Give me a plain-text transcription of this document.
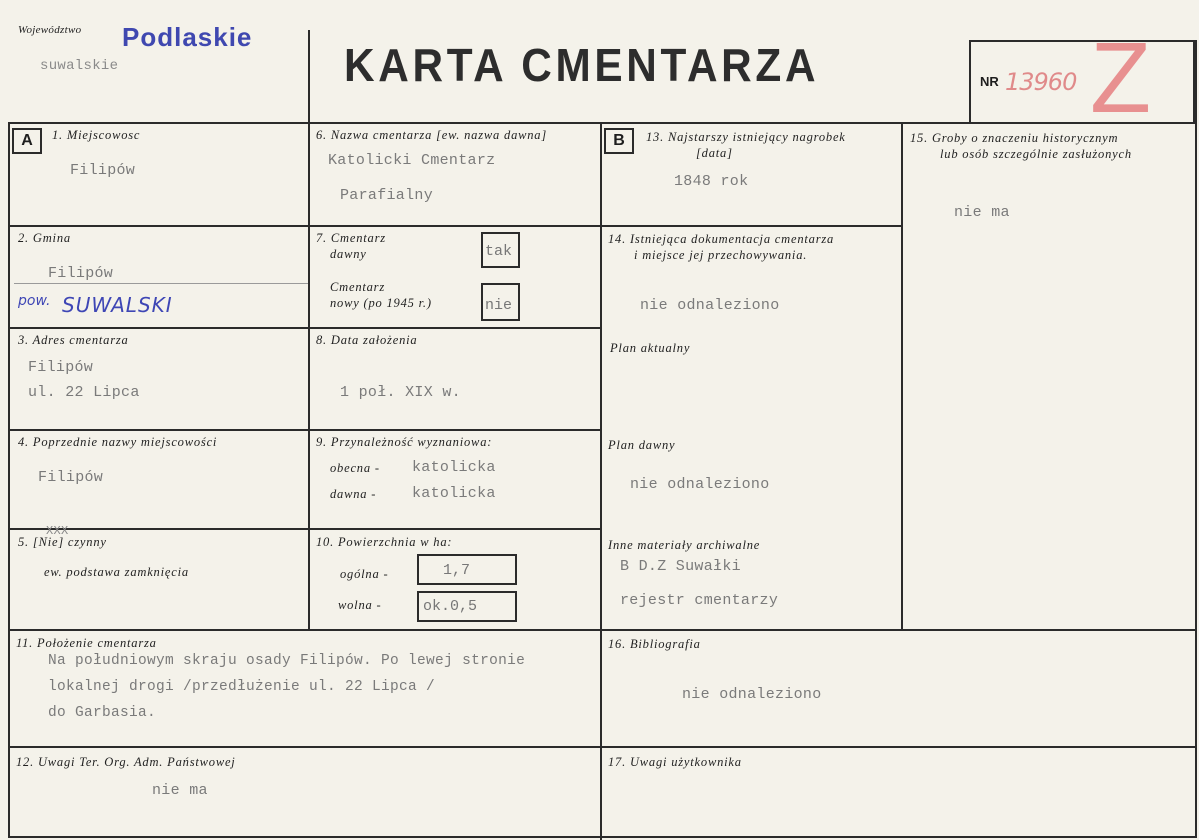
Województwo Podlaskie
suwalskie	KARTA CMENTARZA	NR 13960 Z
A	B
1. Miejscowosc
Filipów
6. Nazwa cmentarza [ew. nazwa dawna]
Katolicki Cmentarz
Parafialny
13. Najstarszy istniejący nagrobek
[data]
1848 rok
15. Groby o znaczeniu historycznym
lub osób szczególnie zasłużonych
nie ma
2. Gmina
Filipów
pow. SUWALSKI
7. Cmentarz
dawny	tak
Cmentarz
nowy (po 1945 r.)	nie
14. Istniejąca dokumentacja cmentarza
i miejsce jej przechowywania.
nie odnaleziono
3. Adres cmentarza
Filipów
ul. 22 Lipca
8. Data założenia
1 poł. XIX w.
Plan aktualny
4. Poprzednie nazwy miejscowości
Filipów
9. Przynależność wyznaniowa:
obecna - katolicka
dawna - katolicka
Plan dawny
nie odnaleziono
XXX
5. [Nie] czynny
ew. podstawa zamknięcia
10. Powierzchnia w ha:
ogólna -	1,7
wolna -	ok.0,5
Inne materiały archiwalne
B D.Z Suwałki
rejestr cmentarzy
11. Położenie cmentarza
Na południowym skraju osady Filipów. Po lewej stronie
lokalnej drogi /przedłużenie ul. 22 Lipca /
do Garbasia.
16. Bibliografia
nie odnaleziono
12. Uwagi Ter. Org. Adm. Państwowej
nie ma
17. Uwagi użytkownika
